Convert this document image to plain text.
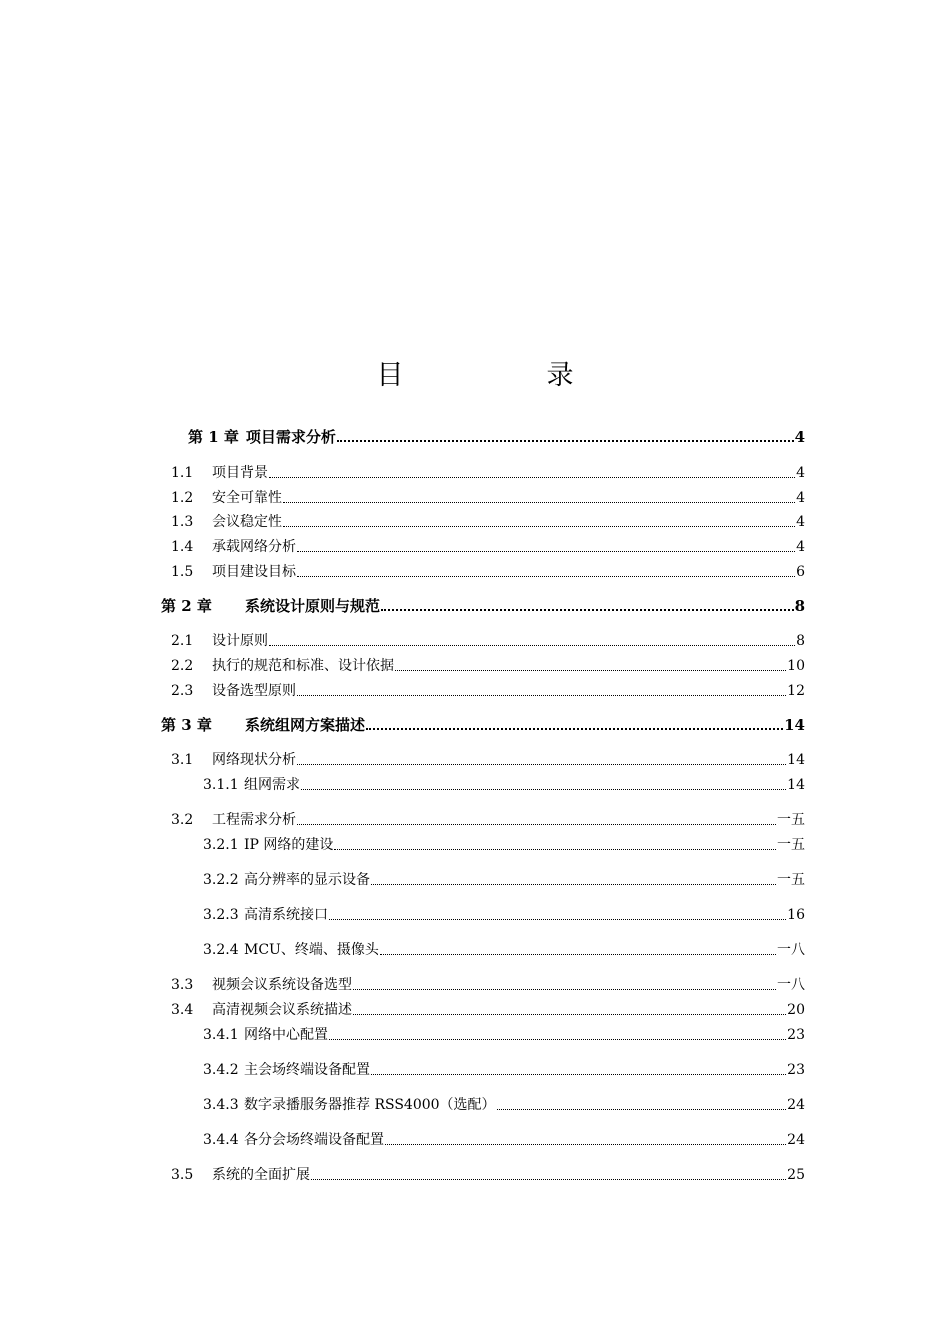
目　录
第 1 章 项目需求分析	4
1.1	项目背景	4
1.2	安全可靠性	4
1.3	会议稳定性	4
1.4	承载网络分析	4
1.5	项目建设目标	6
第 2 章	系统设计原则与规范	8
2.1	设计原则	8
2.2	执行的规范和标准、设计依据	10
2.3	设备选型原则	12
第 3 章	系统组网方案描述	14
3.1	网络现状分析	14
3.1.1 组网需求	14
3.2	工程需求分析	一五
3.2.1 IP 网络的建设	一五
3.2.2 高分辨率的显示设备	一五
3.2.3 高清系统接口	16
3.2.4 MCU、终端、摄像头	一八
3.3	视频会议系统设备选型	一八
3.4	高清视频会议系统描述	20
3.4.1 网络中心配置	23
3.4.2 主会场终端设备配置	23
3.4.3 数字录播服务器推荐 RSS4000（选配）	24
3.4.4 各分会场终端设备配置	24
3.5	系统的全面扩展	25
